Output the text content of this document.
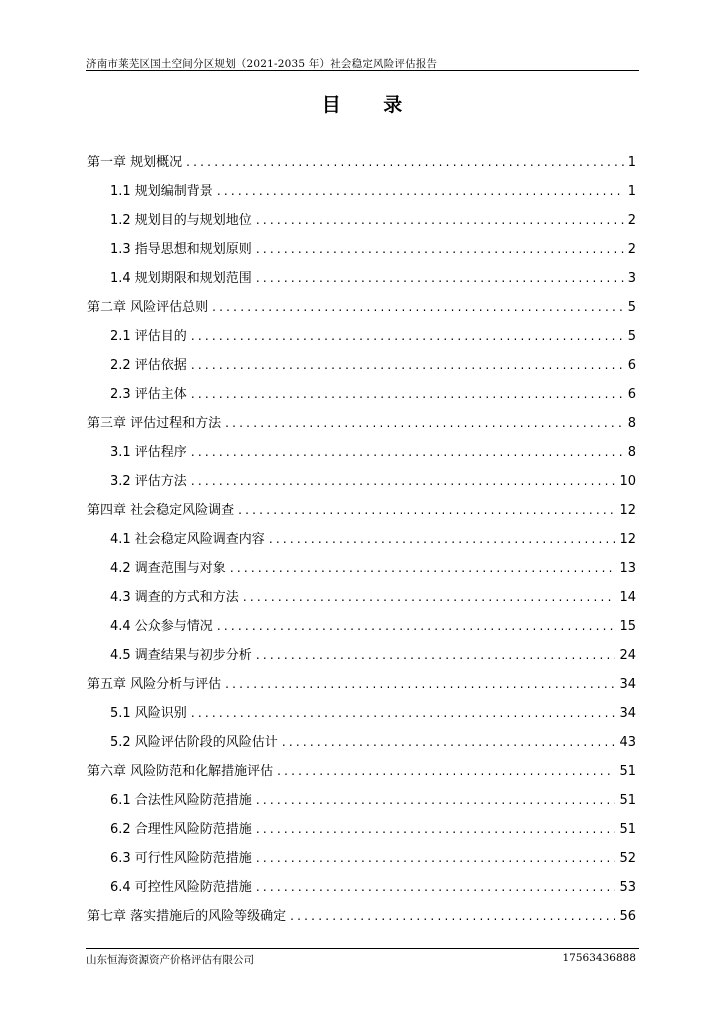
济南市莱芜区国土空间分区规划（2021-2035 年）社会稳定风险评估报告
目 录
第一章 规划概况 .....	1
1.1 规划编制背景 .....	1
1.2 规划目的与规划地位 .....	2
1.3 指导思想和规划原则 .....	2
1.4 规划期限和规划范围 .....	3
第二章 风险评估总则 .....	5
2.1 评估目的 .....	5
2.2 评估依据 .....	6
2.3 评估主体 .....	6
第三章 评估过程和方法 .....	8
3.1 评估程序 .....	8
3.2 评估方法 .....	10
第四章 社会稳定风险调查 .....	12
4.1 社会稳定风险调查内容 .....	12
4.2 调查范围与对象 .....	13
4.3 调查的方式和方法 .....	14
4.4 公众参与情况 .....	15
4.5 调查结果与初步分析 .....	24
第五章 风险分析与评估 .....	34
5.1 风险识别 .....	34
5.2 风险评估阶段的风险估计 .....	43
第六章 风险防范和化解措施评估 .....	51
6.1 合法性风险防范措施 .....	51
6.2 合理性风险防范措施 .....	51
6.3 可行性风险防范措施 .....	52
6.4 可控性风险防范措施 .....	53
第七章 落实措施后的风险等级确定 .....	56
山东恒海资源资产价格评估有限公司	17563436888
